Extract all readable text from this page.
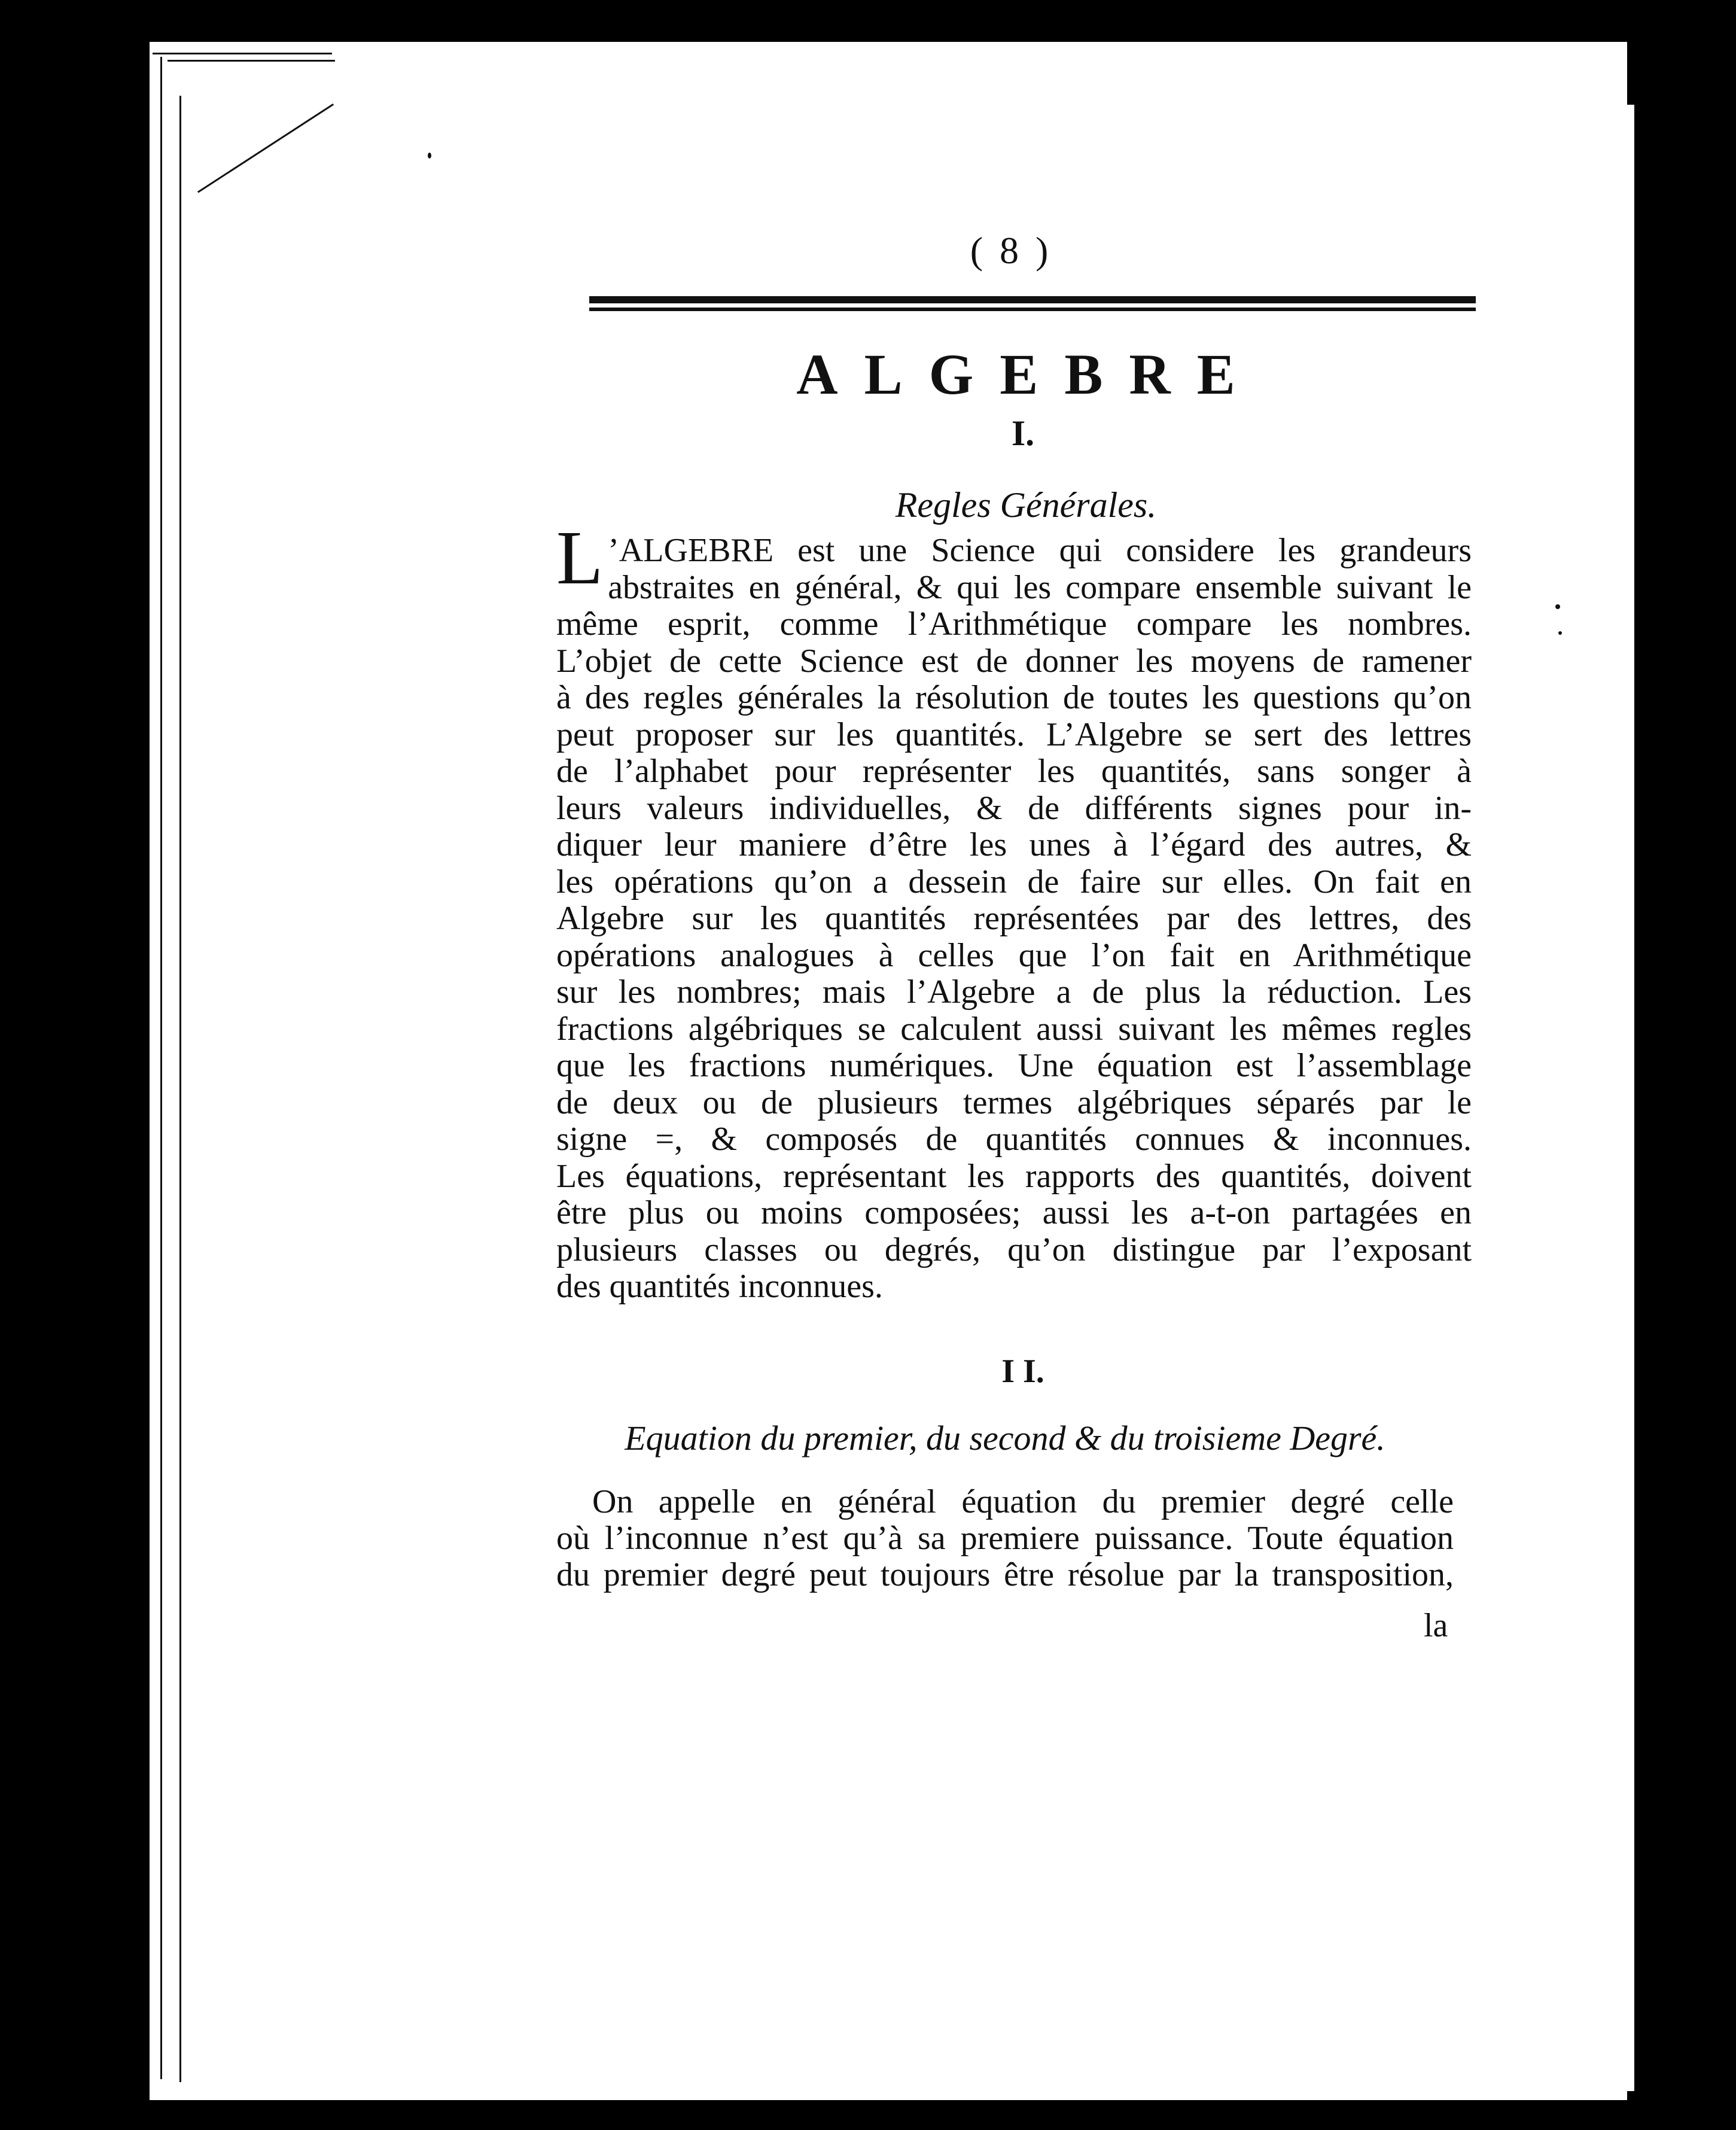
( 8 )
ALGEBRE
I.
Regles Générales.
L ’ALGEBRE est une Science qui considere les grandeurs
abstraites en général, & qui les compare ensemble suivant le
même esprit, comme l’Arithmétique compare les nombres.
L’objet de cette Science est de donner les moyens de ramener
à des regles générales la résolution de toutes les questions qu’on
peut proposer sur les quantités. L’Algebre se sert des lettres
de l’alphabet pour représenter les quantités, sans songer à
leurs valeurs individuelles, & de différents signes pour in-
diquer leur maniere d’être les unes à l’égard des autres, &
les opérations qu’on a dessein de faire sur elles. On fait en
Algebre sur les quantités représentées par des lettres, des
opérations analogues à celles que l’on fait en Arithmétique
sur les nombres; mais l’Algebre a de plus la réduction. Les
fractions algébriques se calculent aussi suivant les mêmes regles
que les fractions numériques. Une équation est l’assemblage
de deux ou de plusieurs termes algébriques séparés par le
signe =, & composés de quantités connues & inconnues.
Les équations, représentant les rapports des quantités, doivent
être plus ou moins composées; aussi les a-t-on partagées en
plusieurs classes ou degrés, qu’on distingue par l’exposant
des quantités inconnues.
I I.
Equation du premier, du second & du troisieme Degré.
On appelle en général équation du premier degré celle
où l’inconnue n’est qu’à sa premiere puissance. Toute équation
du premier degré peut toujours être résolue par la transposition,
la
